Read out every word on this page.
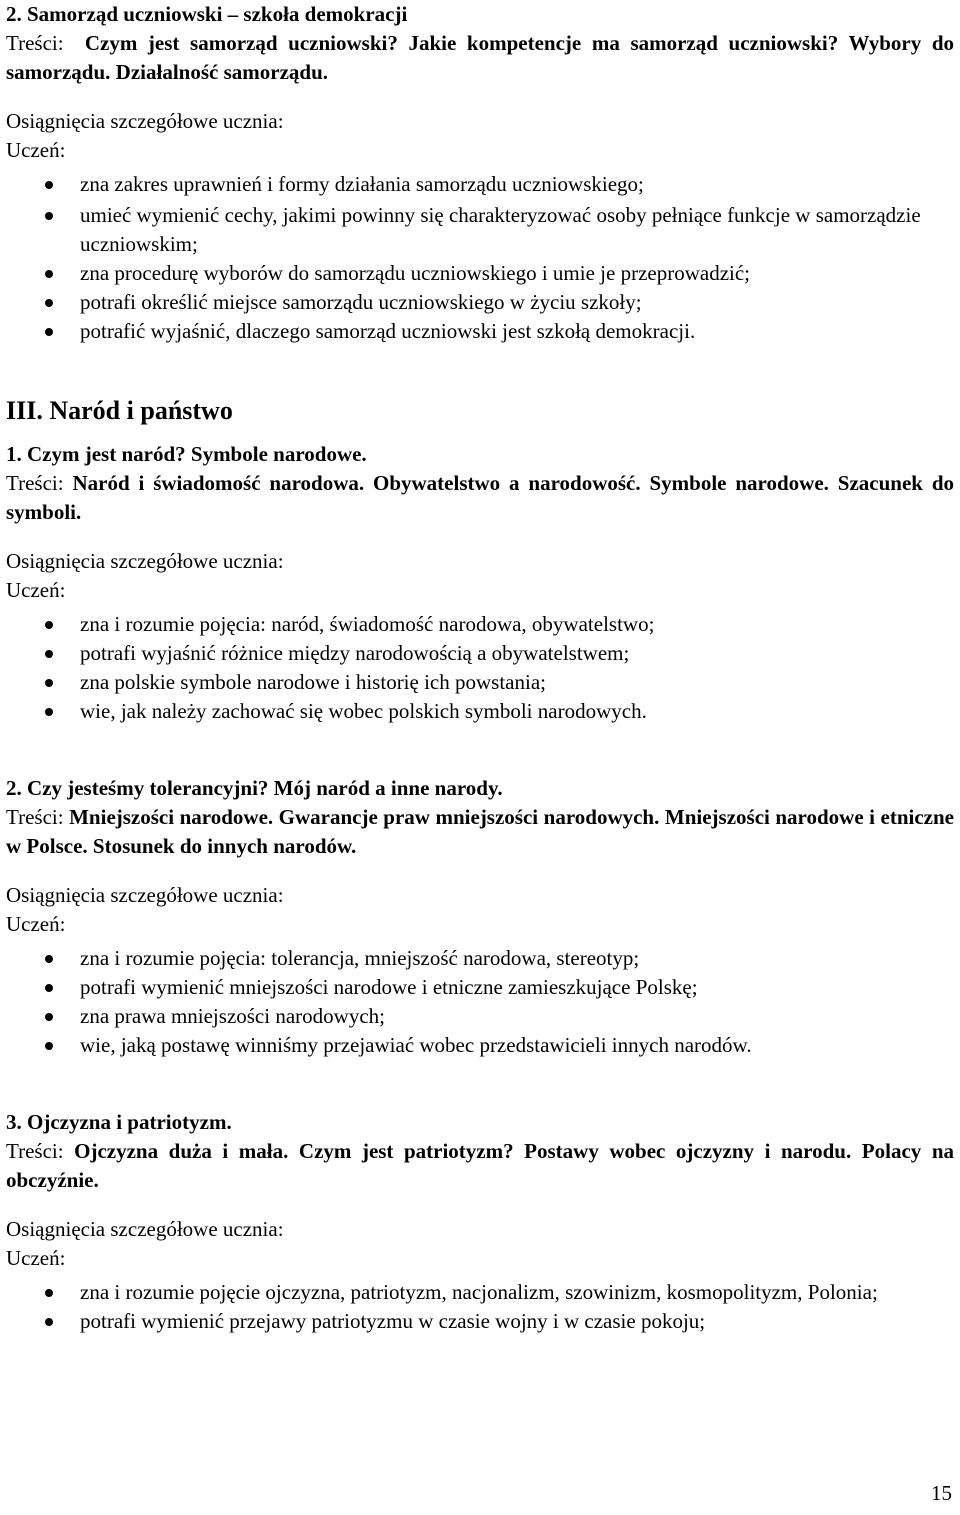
2. Samorząd uczniowski – szkoła demokracji
Treści: Czym jest samorząd uczniowski? Jakie kompetencje ma samorząd uczniowski? Wybory do samorządu. Działalność samorządu.
Osiągnięcia szczegółowe ucznia:
Uczeń:
zna zakres uprawnień i formy działania samorządu uczniowskiego;
umieć wymienić cechy, jakimi powinny się charakteryzować osoby pełniące funkcje w samorządzie uczniowskim;
zna procedurę wyborów do samorządu uczniowskiego i umie je przeprowadzić;
potrafi określić miejsce samorządu uczniowskiego w życiu szkoły;
potrafić wyjaśnić, dlaczego samorząd uczniowski jest szkołą demokracji.
III. Naród i państwo
1. Czym jest naród? Symbole narodowe.
Treści: Naród i świadomość narodowa. Obywatelstwo a narodowość. Symbole narodowe. Szacunek do symboli.
Osiągnięcia szczegółowe ucznia:
Uczeń:
zna i rozumie pojęcia: naród, świadomość narodowa, obywatelstwo;
potrafi wyjaśnić różnice między narodowością a obywatelstwem;
zna polskie symbole narodowe i historię ich powstania;
wie, jak należy zachować się wobec polskich symboli narodowych.
2. Czy jesteśmy tolerancyjni? Mój naród a inne narody.
Treści: Mniejszości narodowe. Gwarancje praw mniejszości narodowych. Mniejszości narodowe i etniczne w Polsce. Stosunek do innych narodów.
Osiągnięcia szczegółowe ucznia:
Uczeń:
zna i rozumie pojęcia: tolerancja, mniejszość narodowa, stereotyp;
potrafi wymienić mniejszości narodowe i etniczne zamieszkujące Polskę;
zna prawa mniejszości narodowych;
wie, jaką postawę winniśmy przejawiać wobec przedstawicieli innych narodów.
3. Ojczyzna i patriotyzm.
Treści: Ojczyzna duża i mała. Czym jest patriotyzm? Postawy wobec ojczyzny i narodu. Polacy na obczyźnie.
Osiągnięcia szczegółowe ucznia:
Uczeń:
zna i rozumie pojęcie ojczyzna, patriotyzm, nacjonalizm, szowinizm, kosmopolityzm, Polonia;
potrafi wymienić przejawy patriotyzmu w czasie wojny i w czasie pokoju;
15
